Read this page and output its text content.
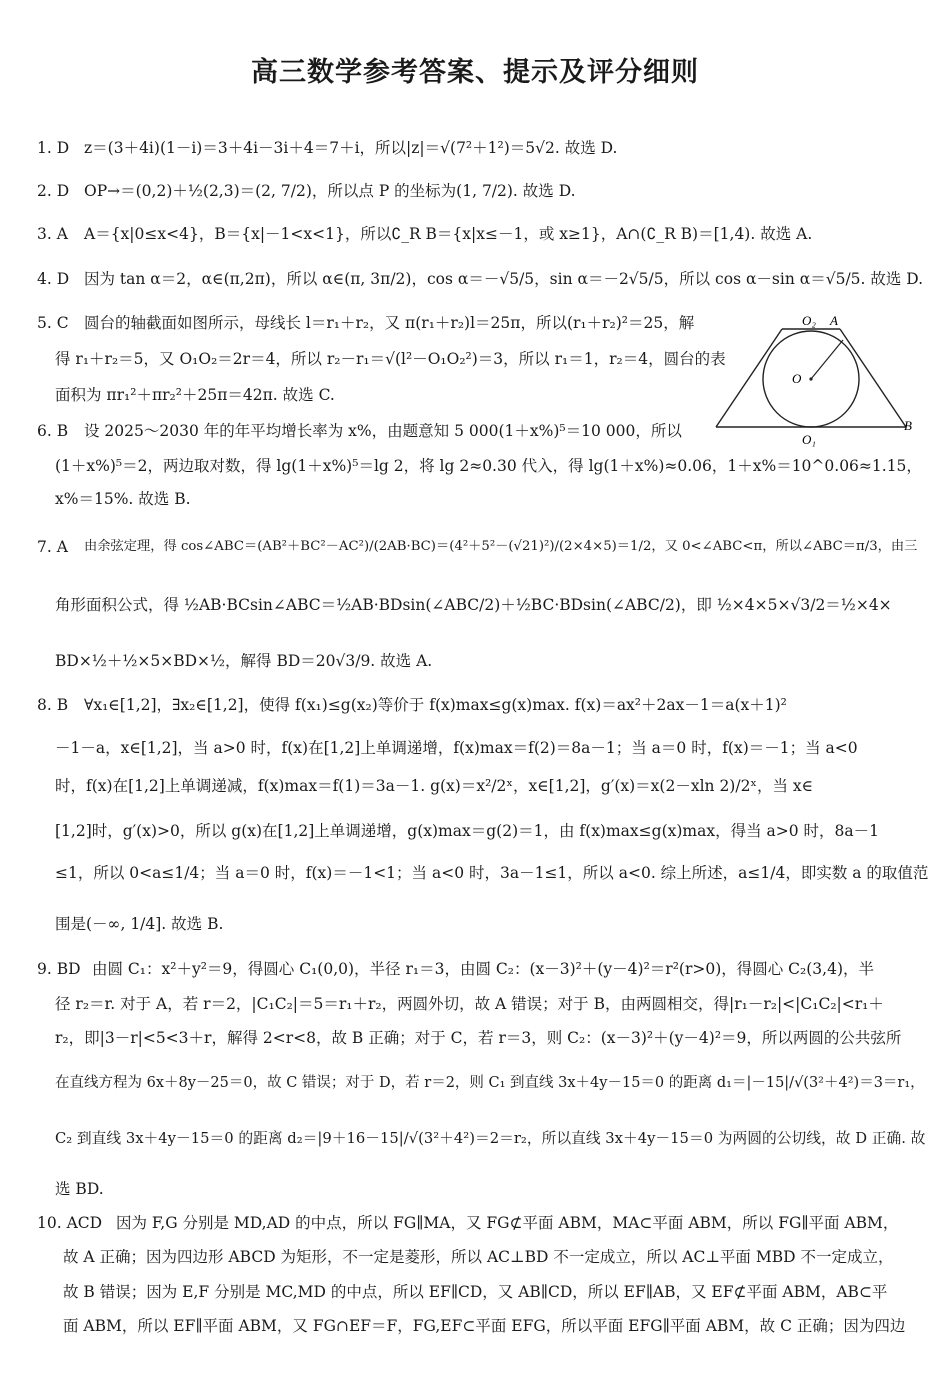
高三数学参考答案、提示及评分细则
1. D z＝(3＋4i)(1－i)＝3＋4i－3i＋4＝7＋i，所以|z|＝√(7²＋1²)＝5√2. 故选 D.
2. D OP→＝(0,2)＋½(2,3)＝(2, 7/2)，所以点 P 的坐标为(1, 7/2). 故选 D.
3. A A＝{x|0≤x<4}，B＝{x|－1<x<1}，所以∁_R B＝{x|x≤－1，或 x≥1}，A∩(∁_R B)＝[1,4). 故选 A.
4. D 因为 tan α＝2，α∈(π,2π)，所以 α∈(π, 3π/2)，cos α＝－√5/5，sin α＝－2√5/5，所以 cos α－sin α＝√5/5. 故选 D.
5. C 圆台的轴截面如图所示，母线长 l＝r₁＋r₂，又 π(r₁＋r₂)l＝25π，所以(r₁＋r₂)²＝25，解
得 r₁＋r₂＝5，又 O₁O₂＝2r＝4，所以 r₂－r₁＝√(l²－O₁O₂²)＝3，所以 r₁＝1，r₂＝4，圆台的表
面积为 πr₁²＋πr₂²＋25π＝42π. 故选 C.
O₂ A
O
O₁
B
6. B 设 2025～2030 年的年平均增长率为 x%，由题意知 5 000(1＋x%)⁵＝10 000，所以
(1＋x%)⁵＝2，两边取对数，得 lg(1＋x%)⁵＝lg 2，将 lg 2≈0.30 代入，得 lg(1＋x%)≈0.06，1＋x%＝10^0.06≈1.15，
x%＝15%. 故选 B.
7. A 由余弦定理，得 cos∠ABC＝(AB²＋BC²－AC²)/(2AB·BC)＝(4²＋5²－(√21)²)/(2×4×5)＝1/2，又 0<∠ABC<π，所以∠ABC＝π/3，由三
角形面积公式，得 ½AB·BCsin∠ABC＝½AB·BDsin(∠ABC/2)＋½BC·BDsin(∠ABC/2)，即 ½×4×5×√3/2＝½×4×
BD×½＋½×5×BD×½，解得 BD＝20√3/9. 故选 A.
8. B ∀x₁∈[1,2]，∃x₂∈[1,2]，使得 f(x₁)≤g(x₂)等价于 f(x)max≤g(x)max. f(x)＝ax²＋2ax－1＝a(x＋1)²
－1－a，x∈[1,2]，当 a>0 时，f(x)在[1,2]上单调递增，f(x)max＝f(2)＝8a－1；当 a＝0 时，f(x)＝－1；当 a<0
时，f(x)在[1,2]上单调递减，f(x)max＝f(1)＝3a－1. g(x)＝x²/2ˣ，x∈[1,2]，g′(x)＝x(2－xln 2)/2ˣ，当 x∈
[1,2]时，g′(x)>0，所以 g(x)在[1,2]上单调递增，g(x)max＝g(2)＝1，由 f(x)max≤g(x)max，得当 a>0 时，8a－1
≤1，所以 0<a≤1/4；当 a＝0 时，f(x)＝－1<1；当 a<0 时，3a－1≤1，所以 a<0. 综上所述，a≤1/4，即实数 a 的取值范
围是(－∞, 1/4]. 故选 B.
9. BD 由圆 C₁：x²＋y²＝9，得圆心 C₁(0,0)，半径 r₁＝3，由圆 C₂：(x－3)²＋(y－4)²＝r²(r>0)，得圆心 C₂(3,4)，半
径 r₂＝r. 对于 A，若 r＝2，|C₁C₂|＝5＝r₁＋r₂，两圆外切，故 A 错误；对于 B，由两圆相交，得|r₁－r₂|<|C₁C₂|<r₁＋
r₂，即|3－r|<5<3＋r，解得 2<r<8，故 B 正确；对于 C，若 r＝3，则 C₂：(x－3)²＋(y－4)²＝9，所以两圆的公共弦所
在直线方程为 6x＋8y－25＝0，故 C 错误；对于 D，若 r＝2，则 C₁ 到直线 3x＋4y－15＝0 的距离 d₁＝|－15|/√(3²＋4²)＝3＝r₁，
C₂ 到直线 3x＋4y－15＝0 的距离 d₂＝|9＋16－15|/√(3²＋4²)＝2＝r₂，所以直线 3x＋4y－15＝0 为两圆的公切线，故 D 正确. 故
选 BD.
10. ACD 因为 F,G 分别是 MD,AD 的中点，所以 FG∥MA，又 FG⊄平面 ABM，MA⊂平面 ABM，所以 FG∥平面 ABM，
故 A 正确；因为四边形 ABCD 为矩形，不一定是菱形，所以 AC⊥BD 不一定成立，所以 AC⊥平面 MBD 不一定成立，
故 B 错误；因为 E,F 分别是 MC,MD 的中点，所以 EF∥CD，又 AB∥CD，所以 EF∥AB，又 EF⊄平面 ABM，AB⊂平
面 ABM，所以 EF∥平面 ABM，又 FG∩EF＝F，FG,EF⊂平面 EFG，所以平面 EFG∥平面 ABM，故 C 正确；因为四边
